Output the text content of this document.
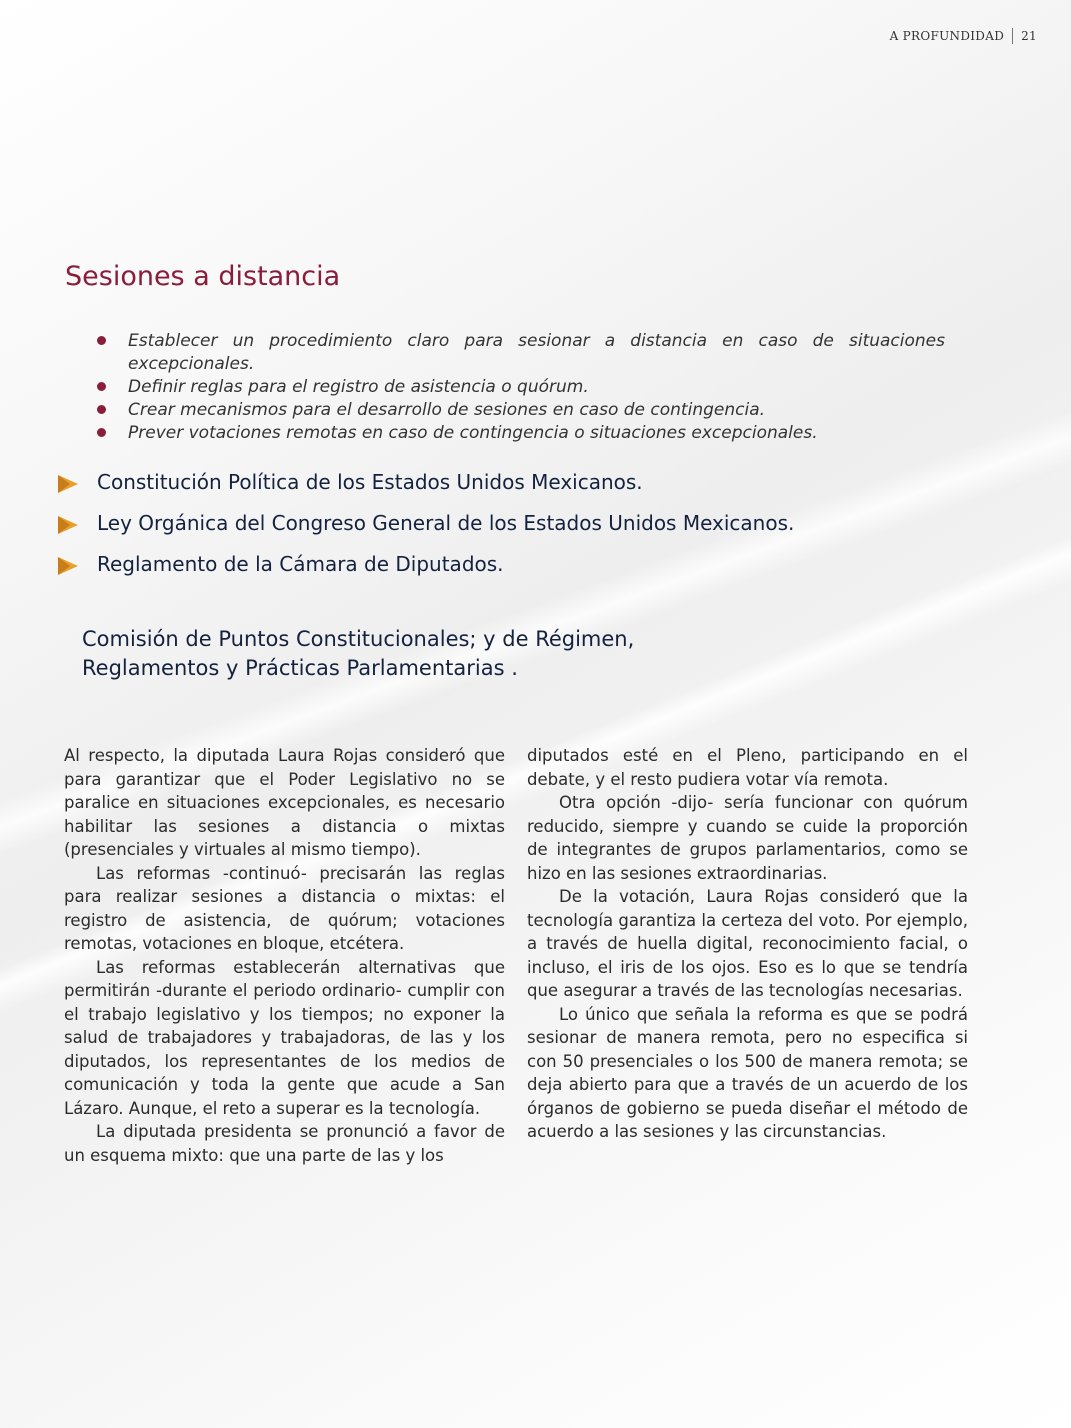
A PROFUNDIDAD 21
Sesiones a distancia
Establecer un procedimiento claro para sesionar a distancia en caso de situaciones excepcionales.
Definir reglas para el registro de asistencia o quórum.
Crear mecanismos para el desarrollo de sesiones en caso de contingencia.
Prever votaciones remotas en caso de contingencia o situaciones excepcionales.
Constitución Política de los Estados Unidos Mexicanos.
Ley Orgánica del Congreso General de los Estados Unidos Mexicanos.
Reglamento de la Cámara de Diputados.
Comisión de Puntos Constitucionales; y de Régimen,
Reglamentos y Prácticas Parlamentarias .

Al respecto, la diputada Laura Rojas consideró que para garantizar que el Poder Legislativo no se paralice en situaciones excepcionales, es necesario habilitar las sesiones a distancia o mixtas (presenciales y virtuales al mismo tiempo).

Las reformas -continuó- precisarán las reglas para realizar sesiones a distancia o mixtas: el registro de asistencia, de quórum; votaciones remotas, votaciones en bloque, etcétera.

Las reformas establecerán alternativas que permitirán -durante el periodo ordinario- cumplir con el trabajo legislativo y los tiempos; no exponer la salud de trabajadores y trabajadoras, de las y los diputados, los representantes de los medios de comunicación y toda la gente que acude a San Lázaro. Aunque, el reto a superar es la tecnología.

La diputada presidenta se pronunció a favor de un esquema mixto: que una parte de las y los

diputados esté en el Pleno, participando en el debate, y el resto pudiera votar vía remota.

Otra opción -dijo- sería funcionar con quórum reducido, siempre y cuando se cuide la proporción de integrantes de grupos parlamentarios, como se hizo en las sesiones extraordinarias.

De la votación, Laura Rojas consideró que la tecnología garantiza la certeza del voto. Por ejemplo, a través de huella digital, reconocimiento facial, o incluso, el iris de los ojos. Eso es lo que se tendría que asegurar a través de las tecnologías necesarias.

Lo único que señala la reforma es que se podrá sesionar de manera remota, pero no especifica si con 50 presenciales o los 500 de manera remota; se deja abierto para que a través de un acuerdo de los órganos de gobierno se pueda diseñar el método de acuerdo a las sesiones y las circunstancias.
